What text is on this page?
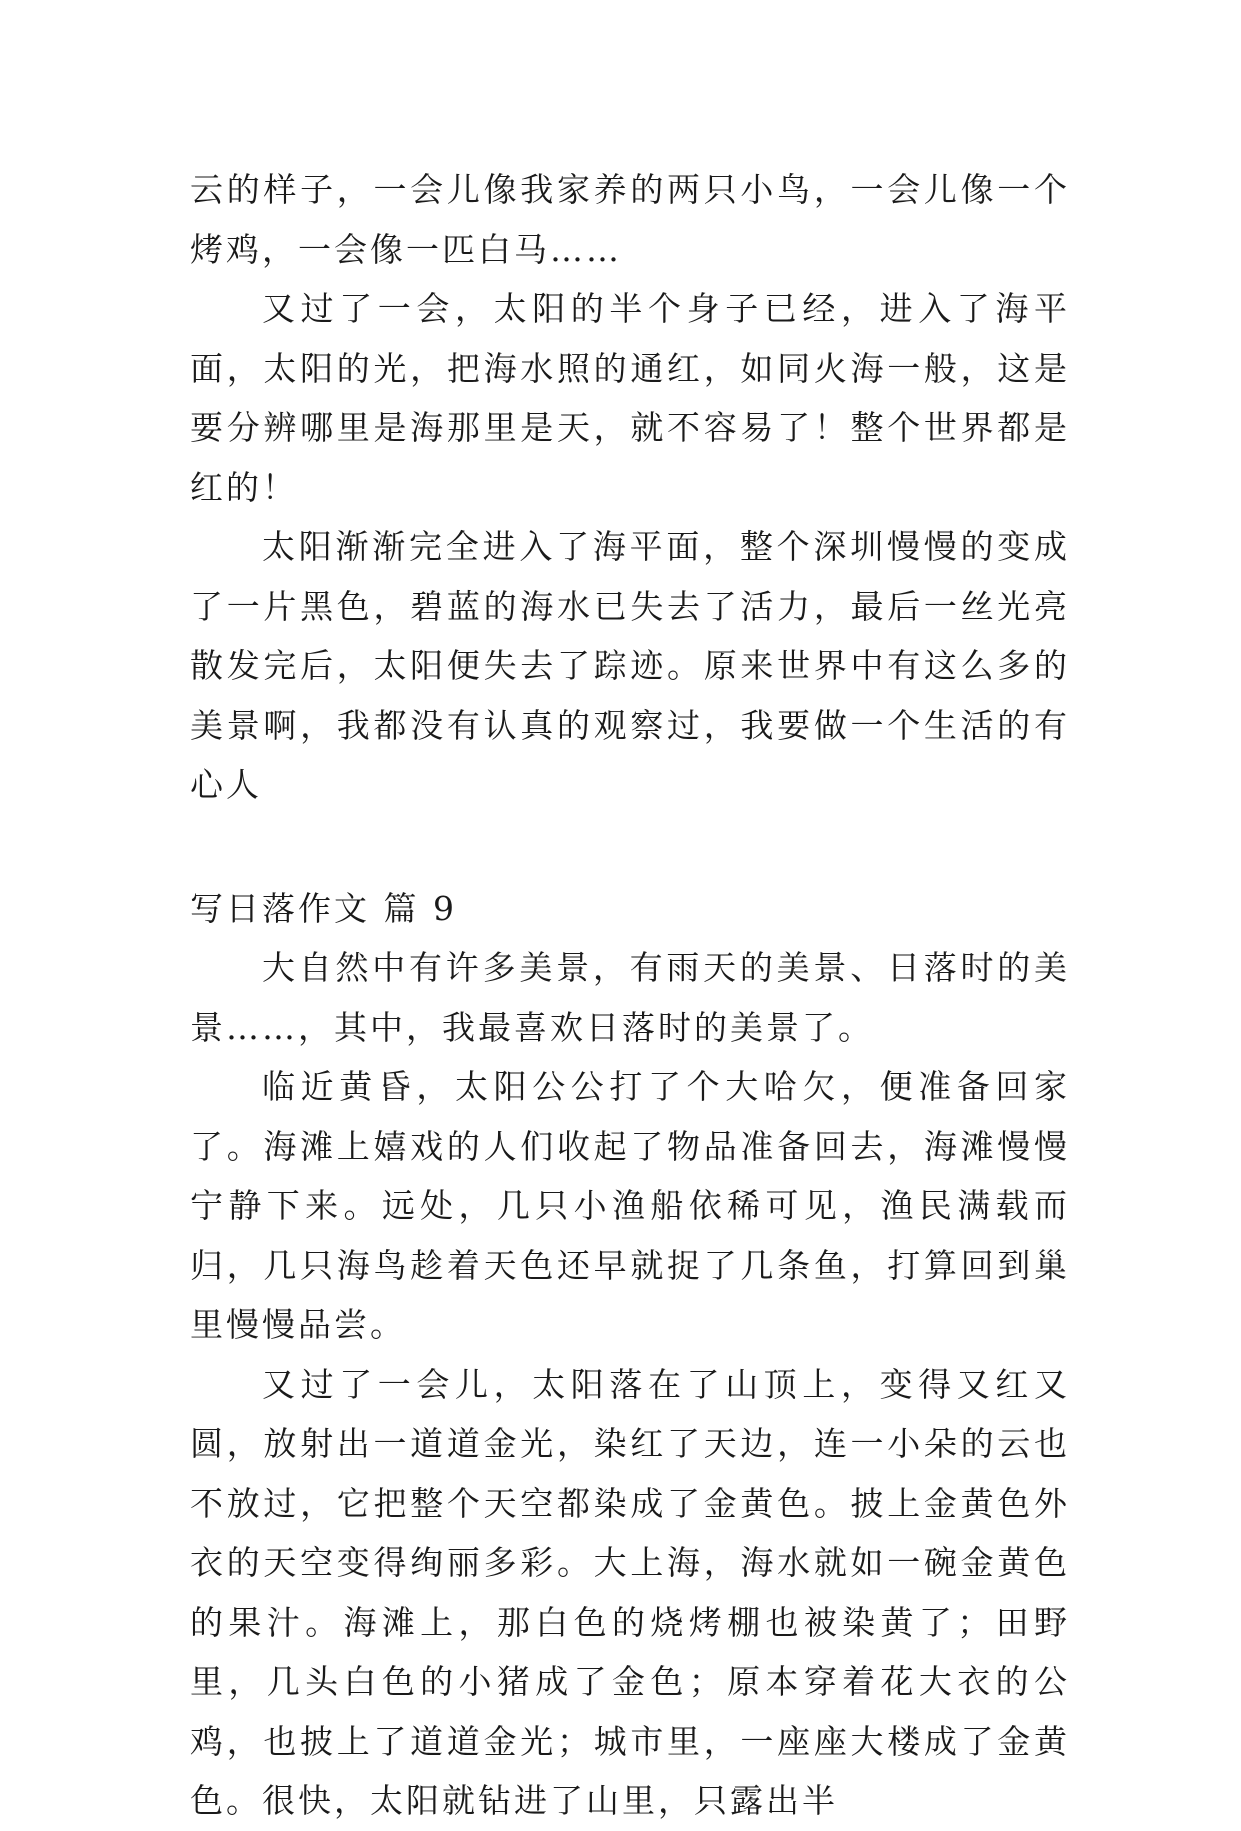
云的样子，一会儿像我家养的两只小鸟，一会儿像一个烤鸡，一会像一匹白马……

又过了一会，太阳的半个身子已经，进入了海平面，太阳的光，把海水照的通红，如同火海一般，这是要分辨哪里是海那里是天，就不容易了！整个世界都是红的！

太阳渐渐完全进入了海平面，整个深圳慢慢的变成了一片黑色，碧蓝的海水已失去了活力，最后一丝光亮散发完后，太阳便失去了踪迹。原来世界中有这么多的美景啊，我都没有认真的观察过，我要做一个生活的有心人

写日落作文 篇 9

大自然中有许多美景，有雨天的美景、日落时的美景……，其中，我最喜欢日落时的美景了。

临近黄昏，太阳公公打了个大哈欠，便准备回家了。海滩上嬉戏的人们收起了物品准备回去，海滩慢慢宁静下来。远处，几只小渔船依稀可见，渔民满载而归，几只海鸟趁着天色还早就捉了几条鱼，打算回到巢里慢慢品尝。

又过了一会儿，太阳落在了山顶上，变得又红又圆，放射出一道道金光，染红了天边，连一小朵的云也不放过，它把整个天空都染成了金黄色。披上金黄色外衣的天空变得绚丽多彩。大上海，海水就如一碗金黄色的果汁。海滩上，那白色的烧烤棚也被染黄了；田野里，几头白色的小猪成了金色；原本穿着花大衣的公鸡，也披上了道道金光；城市里，一座座大楼成了金黄色。很快，太阳就钻进了山里，只露出半
